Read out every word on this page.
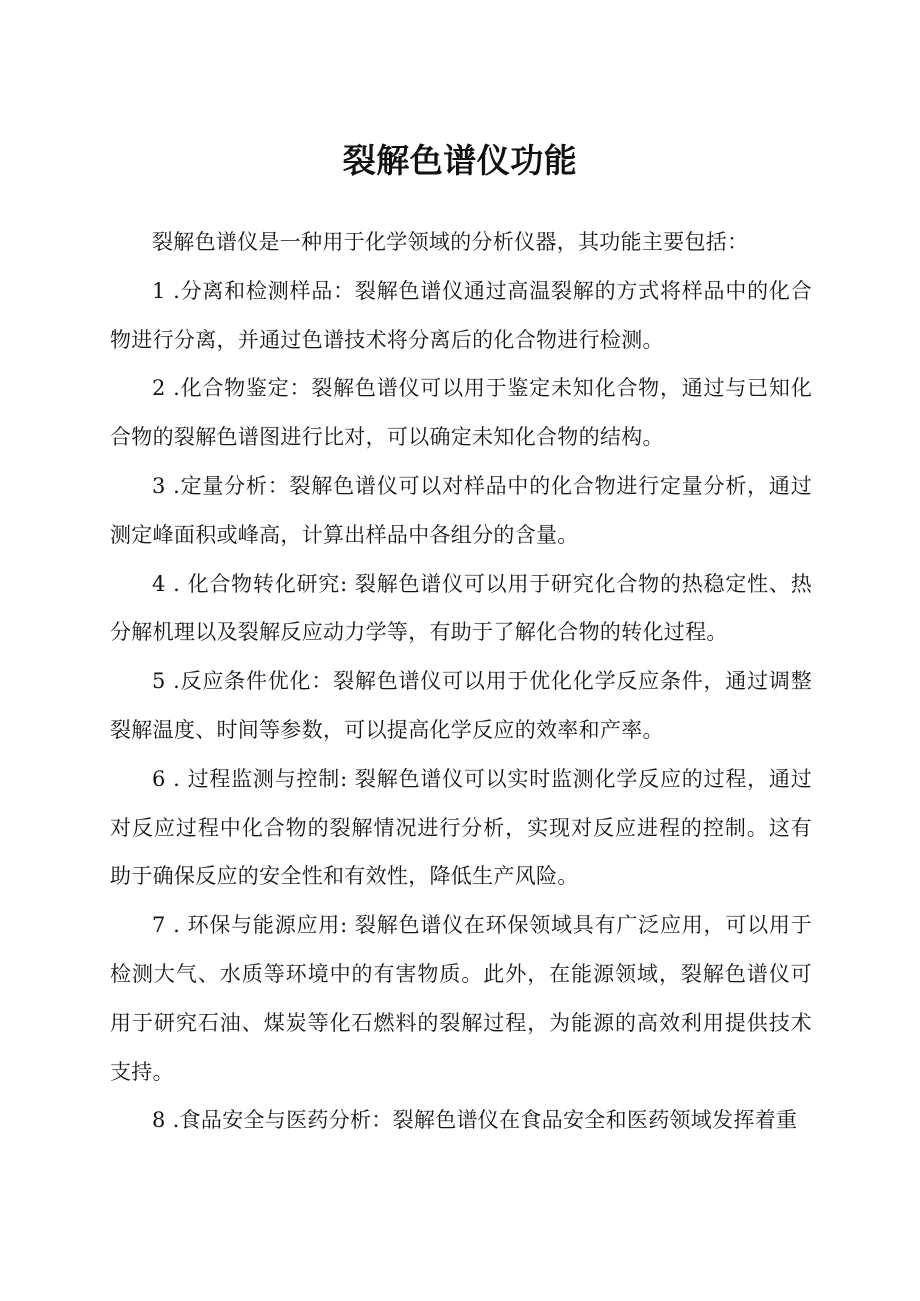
裂解色谱仪功能

裂解色谱仪是一种用于化学领域的分析仪器，其功能主要包括：

1 .分离和检测样品：裂解色谱仪通过高温裂解的方式将样品中的化合物进行分离，并通过色谱技术将分离后的化合物进行检测。

2 .化合物鉴定：裂解色谱仪可以用于鉴定未知化合物，通过与已知化合物的裂解色谱图进行比对，可以确定未知化合物的结构。

3 .定量分析：裂解色谱仪可以对样品中的化合物进行定量分析，通过测定峰面积或峰高，计算出样品中各组分的含量。

4 . 化合物转化研究: 裂解色谱仪可以用于研究化合物的热稳定性、热分解机理以及裂解反应动力学等，有助于了解化合物的转化过程。

5 .反应条件优化：裂解色谱仪可以用于优化化学反应条件，通过调整裂解温度、时间等参数，可以提高化学反应的效率和产率。

6 . 过程监测与控制: 裂解色谱仪可以实时监测化学反应的过程，通过对反应过程中化合物的裂解情况进行分析，实现对反应进程的控制。这有助于确保反应的安全性和有效性，降低生产风险。

7 . 环保与能源应用: 裂解色谱仪在环保领域具有广泛应用，可以用于检测大气、水质等环境中的有害物质。此外，在能源领域，裂解色谱仪可用于研究石油、煤炭等化石燃料的裂解过程，为能源的高效利用提供技术支持。

8 .食品安全与医药分析：裂解色谱仪在食品安全和医药领域发挥着重
